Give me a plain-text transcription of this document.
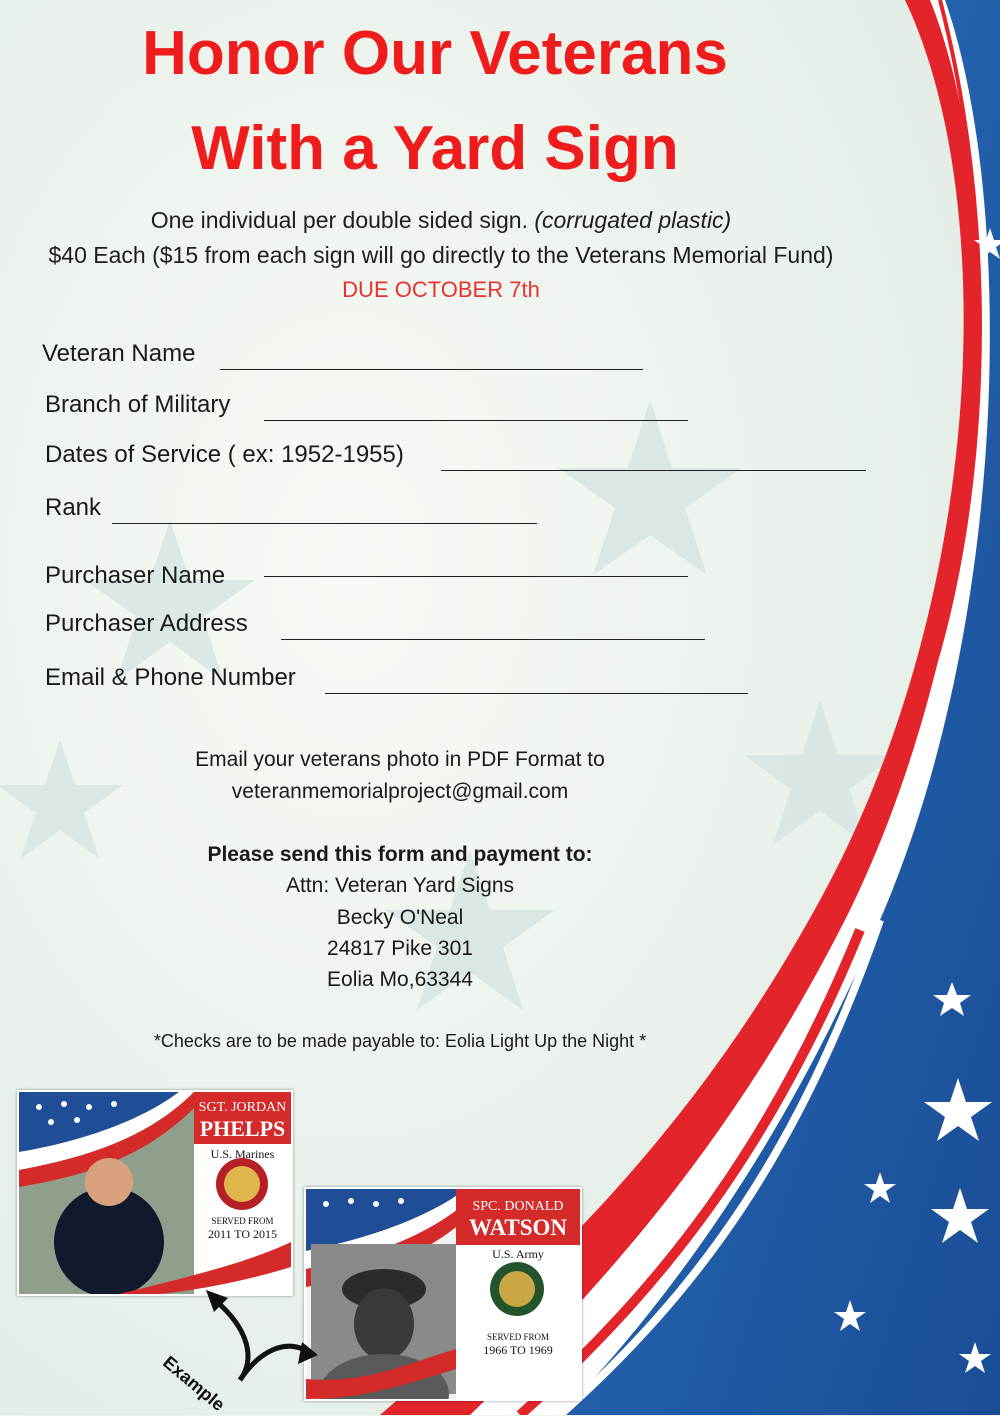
Honor Our Veterans
With a Yard Sign
One individual per double sided sign. (corrugated plastic)
$40 Each ($15 from each sign will go directly to the Veterans Memorial Fund)
DUE OCTOBER 7th
Veteran Name
Branch of Military
Dates of Service ( ex: 1952-1955)
Rank
Purchaser Name
Purchaser Address
Email & Phone Number
Email your veterans photo in PDF Format to
veteranmemorialproject@gmail.com
Please send this form and payment to:
Attn: Veteran Yard Signs
Becky O'Neal
24817 Pike 301
Eolia Mo,63344
*Checks are to be made payable to: Eolia Light Up the Night *
SGT. JORDAN
PHELPS
U.S. Marines
SERVED FROM
2011 TO 2015
SPC. DONALD
WATSON
U.S. Army
SERVED FROM
1966 TO 1969
Example
